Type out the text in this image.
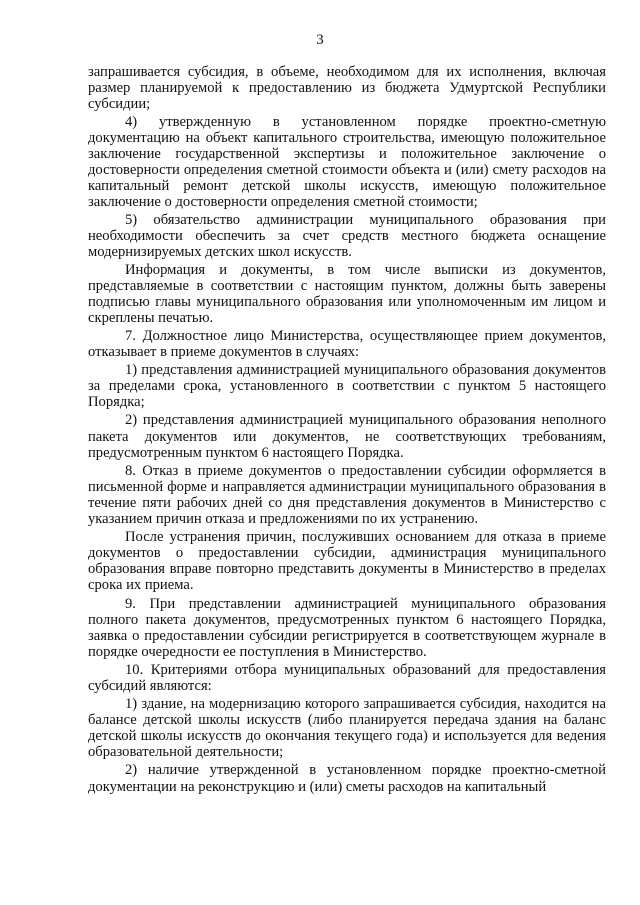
3

запрашивается субсидия, в объеме, необходимом для их исполнения, включая размер планируемой к предоставлению из бюджета Удмуртской Республики субсидии;

4) утвержденную в установленном порядке проектно-сметную документацию на объект капитального строительства, имеющую положительное заключение государственной экспертизы и положительное заключение о достоверности определения сметной стоимости объекта и (или) смету расходов на капитальный ремонт детской школы искусств, имеющую положительное заключение о достоверности определения сметной стоимости;

5) обязательство администрации муниципального образования при необходимости обеспечить за счет средств местного бюджета оснащение модернизируемых детских школ искусств.

Информация и документы, в том числе выписки из документов, представляемые в соответствии с настоящим пунктом, должны быть заверены подписью главы муниципального образования или уполномоченным им лицом и скреплены печатью.

7. Должностное лицо Министерства, осуществляющее прием документов, отказывает в приеме документов в случаях:

1) представления администрацией муниципального образования документов за пределами срока, установленного в соответствии с пунктом 5 настоящего Порядка;

2) представления администрацией муниципального образования неполного пакета документов или документов, не соответствующих требованиям, предусмотренным пунктом 6 настоящего Порядка.

8. Отказ в приеме документов о предоставлении субсидии оформляется в письменной форме и направляется администрации муниципального образования в течение пяти рабочих дней со дня представления документов в Министерство с указанием причин отказа и предложениями по их устранению.

После устранения причин, послуживших основанием для отказа в приеме документов о предоставлении субсидии, администрация муниципального образования вправе повторно представить документы в Министерство в пределах срока их приема.

9. При представлении администрацией муниципального образования полного пакета документов, предусмотренных пунктом 6 настоящего Порядка, заявка о предоставлении субсидии регистрируется в соответствующем журнале в порядке очередности ее поступления в Министерство.

10. Критериями отбора муниципальных образований для предоставления субсидий являются:

1) здание, на модернизацию которого запрашивается субсидия, находится на балансе детской школы искусств (либо планируется передача здания на баланс детской школы искусств до окончания текущего года) и используется для ведения образовательной деятельности;

2) наличие утвержденной в установленном порядке проектно-сметной документации на реконструкцию и (или) сметы расходов на капитальный
